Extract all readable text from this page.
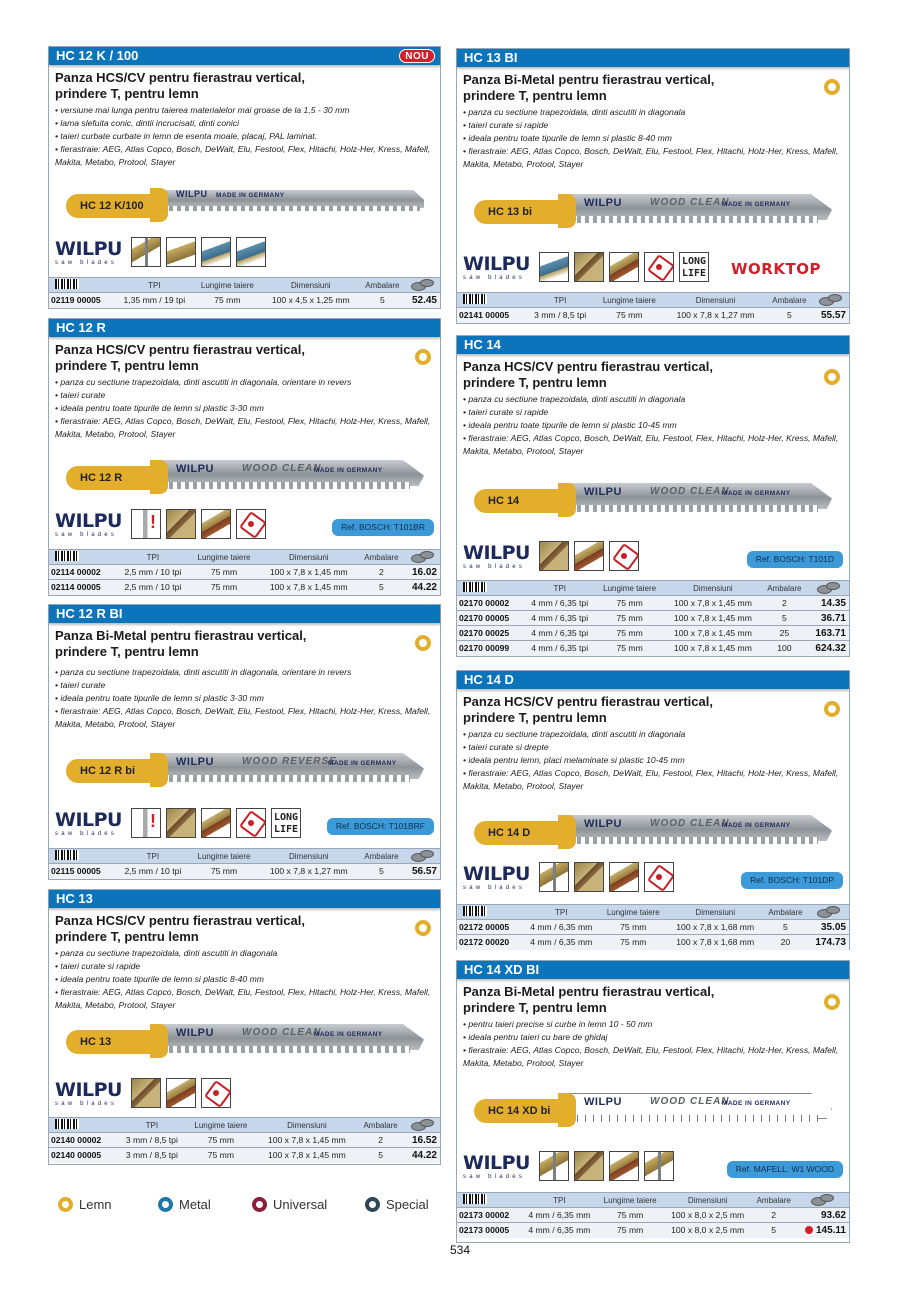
HC 12 K / 100	NOU
Panza HCS/CV pentru fierastrau vertical,
prindere T, pentru lemn
• versiune mai lunga pentru taierea materialelor mai groase de la 1,5 - 30 mm
• lama slefuita conic, dintii incrucisati, dinti conici
• taieri curbate curbate in lemn de esenta moale, placaj, PAL laminat.
• fierastraie: AEG, Atlas Copco, Bosch, DeWalt, Elu, Festool, Flex, Hitachi, Holz-Her, Kress, Mafell, Makita, Metabo, Protool, Stayer
HC 12 K/100
WILPU MADE IN GERMANY
WILPU
saw blades
	TPI	Lungime taiere	Dimensiuni	Ambalare	
02119 00005	1,35 mm / 19 tpi	75 mm	100 x 4,5 x 1,25 mm	5	52.45
HC 12 R
Panza HCS/CV pentru fierastrau vertical,
prindere T, pentru lemn
• panza cu sectiune trapezoidala, dinti ascutiti in diagonala, orientare in revers
• taieri curate
• ideala pentru toate tipurile de lemn si plastic 3-30 mm
• fierastraie: AEG, Atlas Copco, Bosch, DeWalt, Elu, Festool, Flex, Hitachi, Holz-Her, Kress, Mafell, Makita, Metabo, Protool, Stayer
HC 12 R
WILPU	WOOD CLEAN
MADE IN GERMANY
WILPU
saw blades
!	Ref. BOSCH: T101BR
	TPI	Lungime taiere	Dimensiuni	Ambalare	
02114 00002	2,5 mm / 10 tpi	75 mm	100 x 7,8 x 1,45 mm	2	16.02
02114 00005	2,5 mm / 10 tpi	75 mm	100 x 7,8 x 1,45 mm	5	44.22
HC 12 R BI
Panza Bi-Metal pentru fierastrau vertical,
prindere T, pentru lemn
• panza cu sectiune trapezoidala, dinti ascutiti in diagonala, orientare in revers
• taieri curate
• ideala pentru toate tipurile de lemn si plastic 3-30 mm
• fierastraie: AEG, Atlas Copco, Bosch, DeWalt, Elu, Festool, Flex, Hitachi, Holz-Her, Kress, Mafell, Makita, Metabo, Protool, Stayer
HC 12 R bi
WILPU	WOOD REVERSE
MADE IN GERMANY
WILPU
saw blades
!	LONG LIFE	Ref. BOSCH: T101BRF
	TPI	Lungime taiere	Dimensiuni	Ambalare	
02115 00005	2,5 mm / 10 tpi	75 mm	100 x 7,8 x 1,27 mm	5	56.57
HC 13
Panza HCS/CV pentru fierastrau vertical,
prindere T, pentru lemn
• panza cu sectiune trapezoidala, dinti ascutiti in diagonala
• taieri curate si rapide
• ideala pentru toate tipurile de lemn si plastic 8-40 mm
• fierastraie: AEG, Atlas Copco, Bosch, DeWalt, Elu, Festool, Flex, Hitachi, Holz-Her, Kress, Mafell, Makita, Metabo, Protool, Stayer
HC 13
WILPU	WOOD CLEAN
MADE IN GERMANY
WILPU
saw blades
	TPI	Lungime taiere	Dimensiuni	Ambalare	
02140 00002	3 mm / 8,5 tpi	75 mm	100 x 7,8 x 1,45 mm	2	16.52
02140 00005	3 mm / 8,5 tpi	75 mm	100 x 7,8 x 1,45 mm	5	44.22
HC 13 BI
Panza Bi-Metal pentru fierastrau vertical,
prindere T, pentru lemn
• panza cu sectiune trapezoidala, dinti ascutiti in diagonala
• taieri curate si rapide
• ideala pentru toate tipurile de lemn si plastic 8-40 mm
• fierastraie: AEG, Atlas Copco, Bosch, DeWalt, Elu, Festool, Flex, Hitachi, Holz-Her, Kress, Mafell, Makita, Metabo, Protool, Stayer
HC 13 bi
WILPU	WOOD CLEAN
MADE IN GERMANY
WILPU
saw blades
LONG LIFE WORKTOP
	TPI	Lungime taiere	Dimensiuni	Ambalare	
02141 00005	3 mm / 8,5 tpi	75 mm	100 x 7,8 x 1,27 mm	5	55.57
HC 14
Panza HCS/CV pentru fierastrau vertical,
prindere T, pentru lemn
• panza cu sectiune trapezoidala, dinti ascutiti in diagonala
• taieri curate si rapide
• ideala pentru toate tipurile de lemn si plastic 10-45 mm
• fierastraie: AEG, Atlas Copco, Bosch, DeWalt, Elu, Festool, Flex, Hitachi, Holz-Her, Kress, Mafell, Makita, Metabo, Protool, Stayer
HC 14
WILPU	WOOD CLEAN
MADE IN GERMANY
WILPU
saw blades
Ref. BOSCH: T101D
	TPI	Lungime taiere	Dimensiuni	Ambalare	
02170 00002	4 mm / 6,35 tpi	75 mm	100 x 7,8 x 1,45 mm	2	14.35
02170 00005	4 mm / 6,35 tpi	75 mm	100 x 7,8 x 1,45 mm	5	36.71
02170 00025	4 mm / 6,35 tpi	75 mm	100 x 7,8 x 1,45 mm	25	163.71
02170 00099	4 mm / 6,35 tpi	75 mm	100 x 7,8 x 1,45 mm	100	624.32
HC 14 D
Panza HCS/CV pentru fierastrau vertical,
prindere T, pentru lemn
• panza cu sectiune trapezoidala, dinti ascutiti in diagonala
• taieri curate si drepte
• ideala pentru lemn, placi melaminate si plastic 10-45 mm
• fierastraie: AEG, Atlas Copco, Bosch, DeWalt, Elu, Festool, Flex, Hitachi, Holz-Her, Kress, Mafell, Makita, Metabo, Protool, Stayer
HC 14 D
WILPU	WOOD CLEAN
MADE IN GERMANY
WILPU
saw blades
Ref. BOSCH: T101DP
	TPI	Lungime taiere	Dimensiuni	Ambalare	
02172 00005	4 mm / 6,35 mm	75 mm	100 x 7,8 x 1,68 mm	5	35.05
02172 00020	4 mm / 6,35 mm	75 mm	100 x 7,8 x 1,68 mm	20	174.73
HC 14 XD BI
Panza Bi-Metal pentru fierastrau vertical,
prindere T, pentru lemn
• pentru taieri precise si curbe in lemn 10 - 50 mm
• ideala pentru taieri cu bare de ghidaj
• fierastraie: AEG, Atlas Copco, Bosch, DeWalt, Elu, Festool, Flex, Hitachi, Holz-Her, Kress, Mafell, Makita, Metabo, Protool, Stayer
HC 14 XD bi
WILPU	WOOD CLEAN
MADE IN GERMANY
WILPU
saw blades
Ref. MAFELL: W1 WOOD
	TPI	Lungime taiere	Dimensiuni	Ambalare	
02173 00002	4 mm / 6,35 mm	75 mm	100 x 8,0 x 2,5 mm	2	93.62
02173 00005	4 mm / 6,35 mm	75 mm	100 x 8,0 x 2,5 mm	5	145.11
Lemn	Metal	Universal	Special
534
